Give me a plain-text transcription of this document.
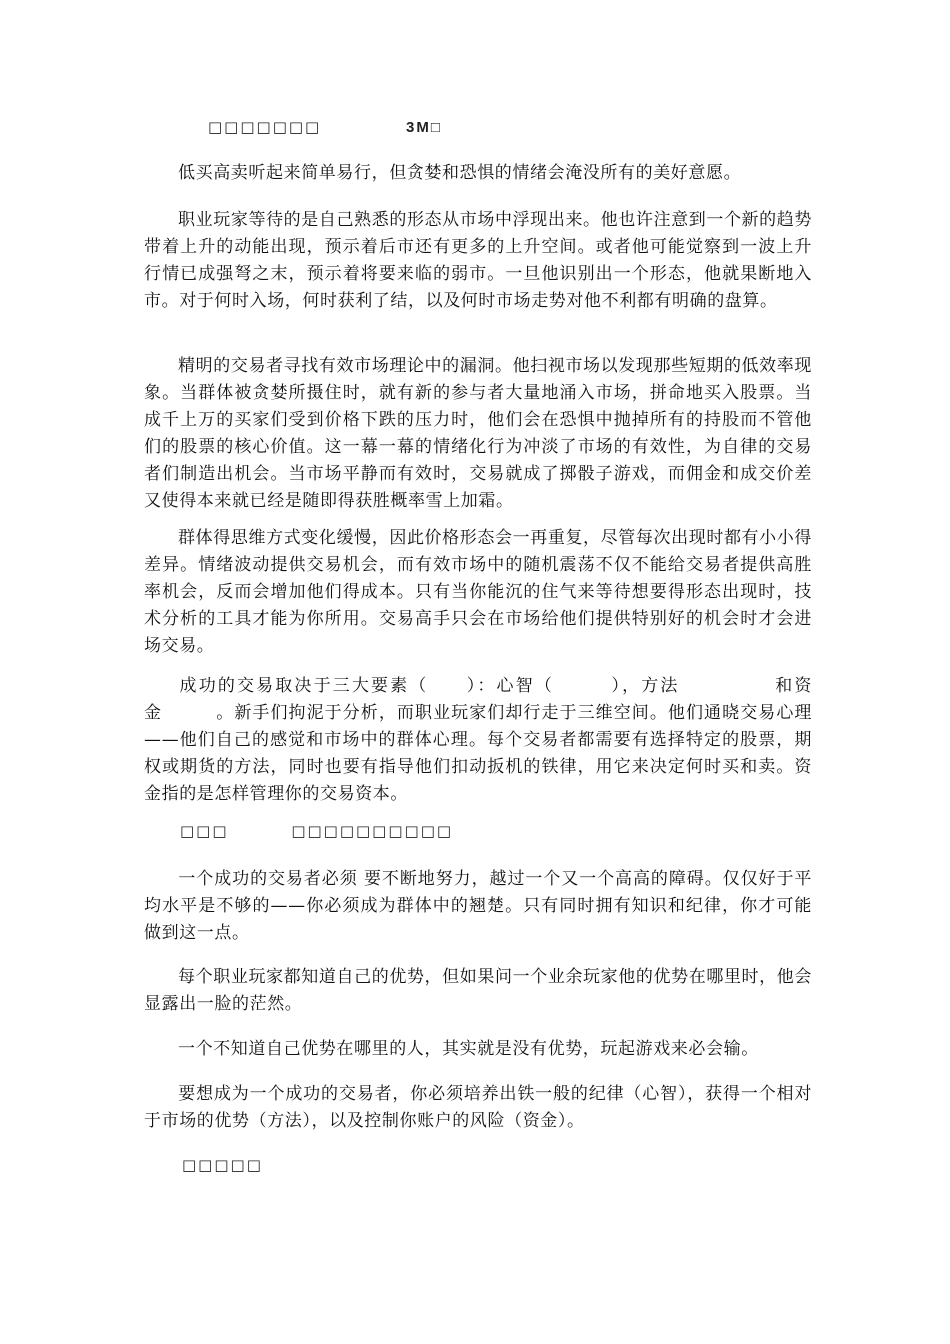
□□□□□□□	3M□

低买高卖听起来简单易行，但贪婪和恐惧的情绪会淹没所有的美好意愿。

职业玩家等待的是自己熟悉的形态从市场中浮现出来。他也许注意到一个新的趋势带着上升的动能出现，预示着后市还有更多的上升空间。或者他可能觉察到一波上升行情已成强弩之末，预示着将要来临的弱市。一旦他识别出一个形态，他就果断地入市。对于何时入场，何时获利了结，以及何时市场走势对他不利都有明确的盘算。

精明的交易者寻找有效市场理论中的漏洞。他扫视市场以发现那些短期的低效率现象。当群体被贪婪所摄住时，就有新的参与者大量地涌入市场，拼命地买入股票。当成千上万的买家们受到价格下跌的压力时，他们会在恐惧中抛掉所有的持股而不管他们的股票的核心价值。这一幕一幕的情绪化行为冲淡了市场的有效性，为自律的交易者们制造出机会。当市场平静而有效时，交易就成了掷骰子游戏，而佣金和成交价差又使得本来就已经是随即得获胜概率雪上加霜。

群体得思维方式变化缓慢，因此价格形态会一再重复，尽管每次出现时都有小小得差异。情绪波动提供交易机会，而有效市场中的随机震荡不仅不能给交易者提供高胜率机会，反而会增加他们得成本。只有当你能沉的住气来等待想要得形态出现时，技术分析的工具才能为你所用。交易高手只会在市场给他们提供特别好的机会时才会进场交易。

成功的交易取决于三大要素（　　）：心智（　　　），方法　　　　　和资金　　　。新手们拘泥于分析，而职业玩家们却行走于三维空间。他们通晓交易心理——他们自己的感觉和市场中的群体心理。每个交易者都需要有选择特定的股票，期权或期货的方法，同时也要有指导他们扣动扳机的铁律，用它来决定何时买和卖。资金指的是怎样管理你的交易资本。

□□□	□□□□□□□□□□

一个成功的交易者必须 要不断地努力，越过一个又一个高高的障碍。仅仅好于平均水平是不够的——你必须成为群体中的翘楚。只有同时拥有知识和纪律，你才可能做到这一点。

每个职业玩家都知道自己的优势，但如果问一个业余玩家他的优势在哪里时，他会显露出一脸的茫然。

一个不知道自己优势在哪里的人，其实就是没有优势，玩起游戏来必会输。

要想成为一个成功的交易者，你必须培养出铁一般的纪律（心智），获得一个相对于市场的优势（方法），以及控制你账户的风险（资金）。

□□□□□
